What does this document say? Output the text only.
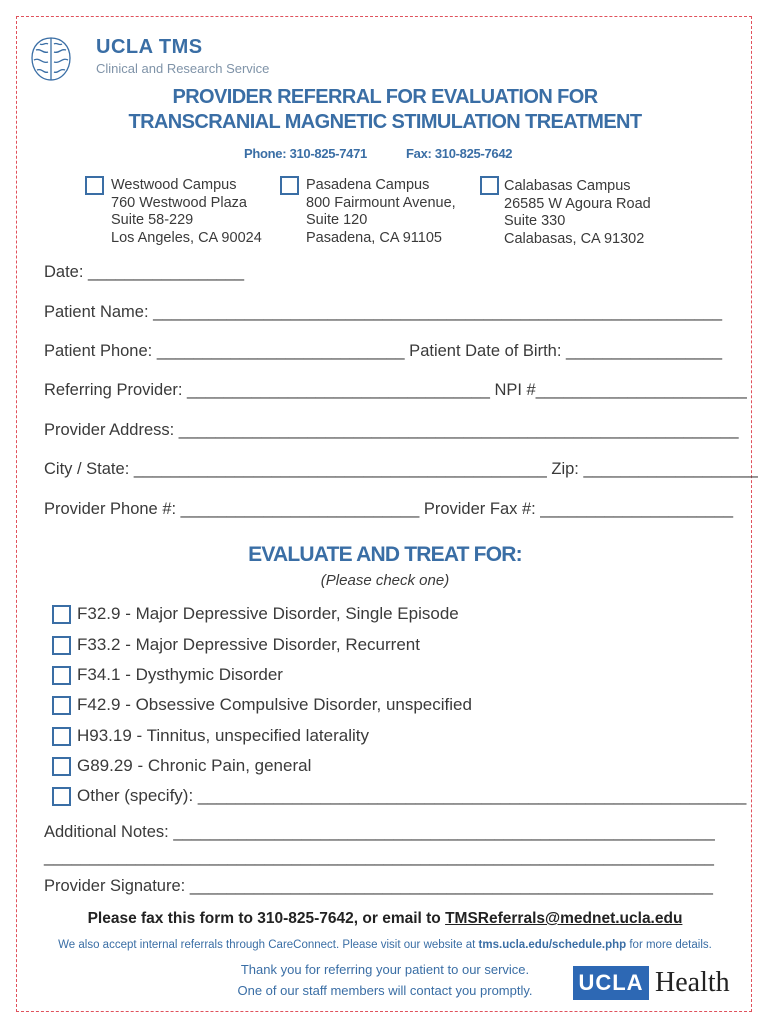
UCLA TMS
Clinical and Research Service
PROVIDER REFERRAL FOR EVALUATION FOR
TRANSCRANIAL MAGNETIC STIMULATION TREATMENT
Phone: 310-825-7471	Fax: 310-825-7642
Westwood Campus
760 Westwood Plaza
Suite 58-229
Los Angeles, CA 90024
Pasadena Campus
800 Fairmount Avenue,
Suite 120
Pasadena, CA 91105
Calabasas Campus
26585 W Agoura Road
Suite 330
Calabasas, CA 91302
Date: _________________
Patient Name: ______________________________________________________________
Patient Phone: ___________________________ Patient Date of Birth: _________________
Referring Provider: _________________________________ NPI #_______________________
Provider Address: _____________________________________________________________
City / State: _____________________________________________ Zip: ___________________
Provider Phone #: __________________________ Provider Fax #: _____________________
EVALUATE AND TREAT FOR:
(Please check one)
F32.9 - Major Depressive Disorder, Single Episode
F33.2 - Major Depressive Disorder, Recurrent
F34.1 - Dysthymic Disorder
F42.9 - Obsessive Compulsive Disorder, unspecified
H93.19 - Tinnitus, unspecified laterality
G89.29 - Chronic Pain, general
Other (specify): __________________________________________________________
Additional Notes: ___________________________________________________________
_________________________________________________________________________
Provider Signature: _________________________________________________________
Please fax this form to 310-825-7642, or email to TMSReferrals@mednet.ucla.edu
We also accept internal referrals through CareConnect. Please visit our website at tms.ucla.edu/schedule.php for more details.
Thank you for referring your patient to our service.
One of our staff members will contact you promptly.	UCLA Health
